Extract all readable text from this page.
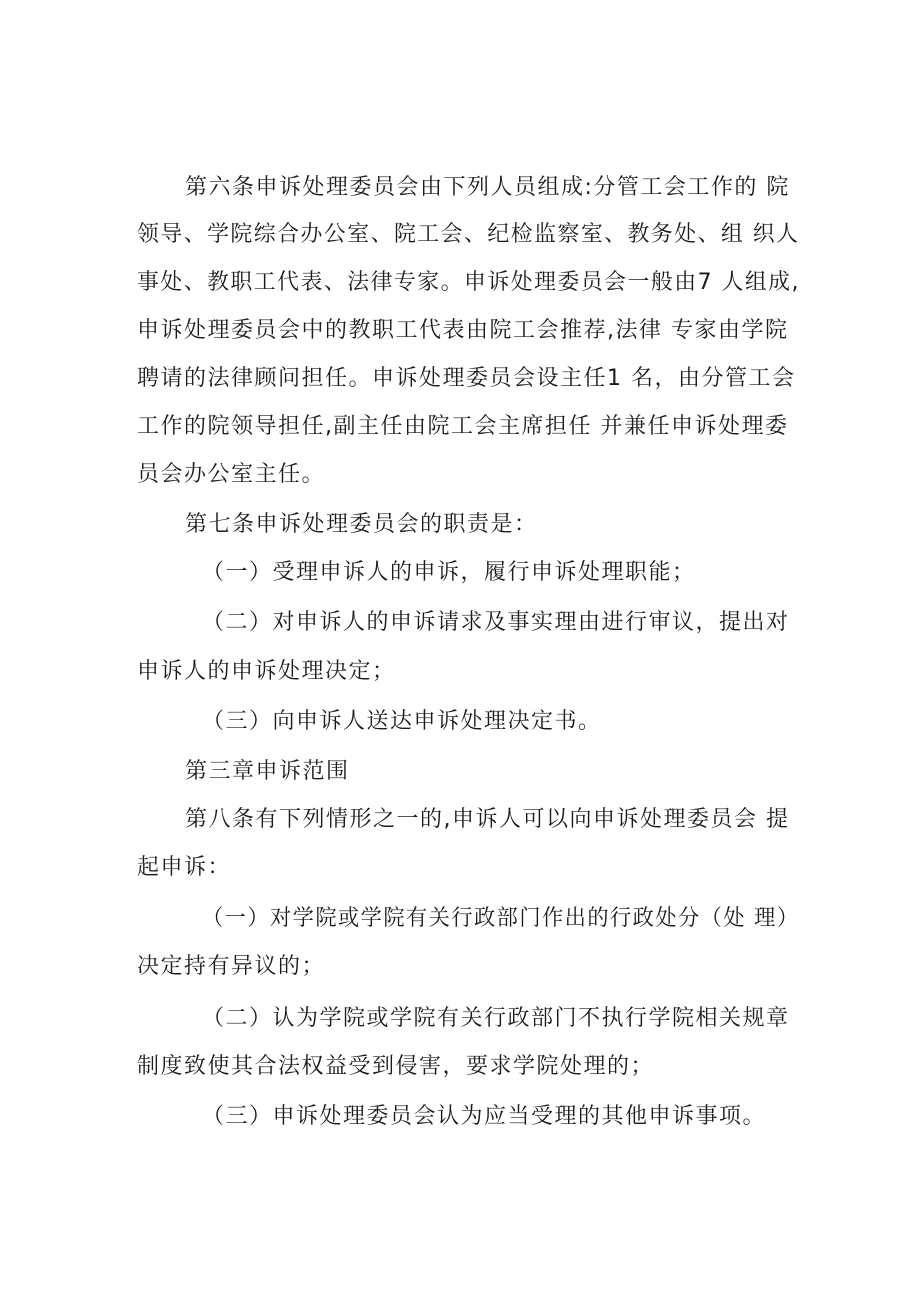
第六条申诉处理委员会由下列人员组成:分管工会工作的 院
领导、学院综合办公室、院工会、纪检监察室、教务处、组 织人
事处、教职工代表、法律专家。申诉处理委员会一般由7 人组成,
申诉处理委员会中的教职工代表由院工会推荐,法律 专家由学院
聘请的法律顾问担任。申诉处理委员会设主任1 名，由分管工会
工作的院领导担任,副主任由院工会主席担任 并兼任申诉处理委
员会办公室主任。
第七条申诉处理委员会的职责是：
（一）受理申诉人的申诉，履行申诉处理职能；
（二）对申诉人的申诉请求及事实理由进行审议，提出对
申诉人的申诉处理决定；
（三）向申诉人送达申诉处理决定书。
第三章申诉范围
第八条有下列情形之一的,申诉人可以向申诉处理委员会 提
起申诉：
（一）对学院或学院有关行政部门作出的行政处分（处 理）
决定持有异议的；
（二）认为学院或学院有关行政部门不执行学院相关规章
制度致使其合法权益受到侵害，要求学院处理的；
（三）申诉处理委员会认为应当受理的其他申诉事项。
